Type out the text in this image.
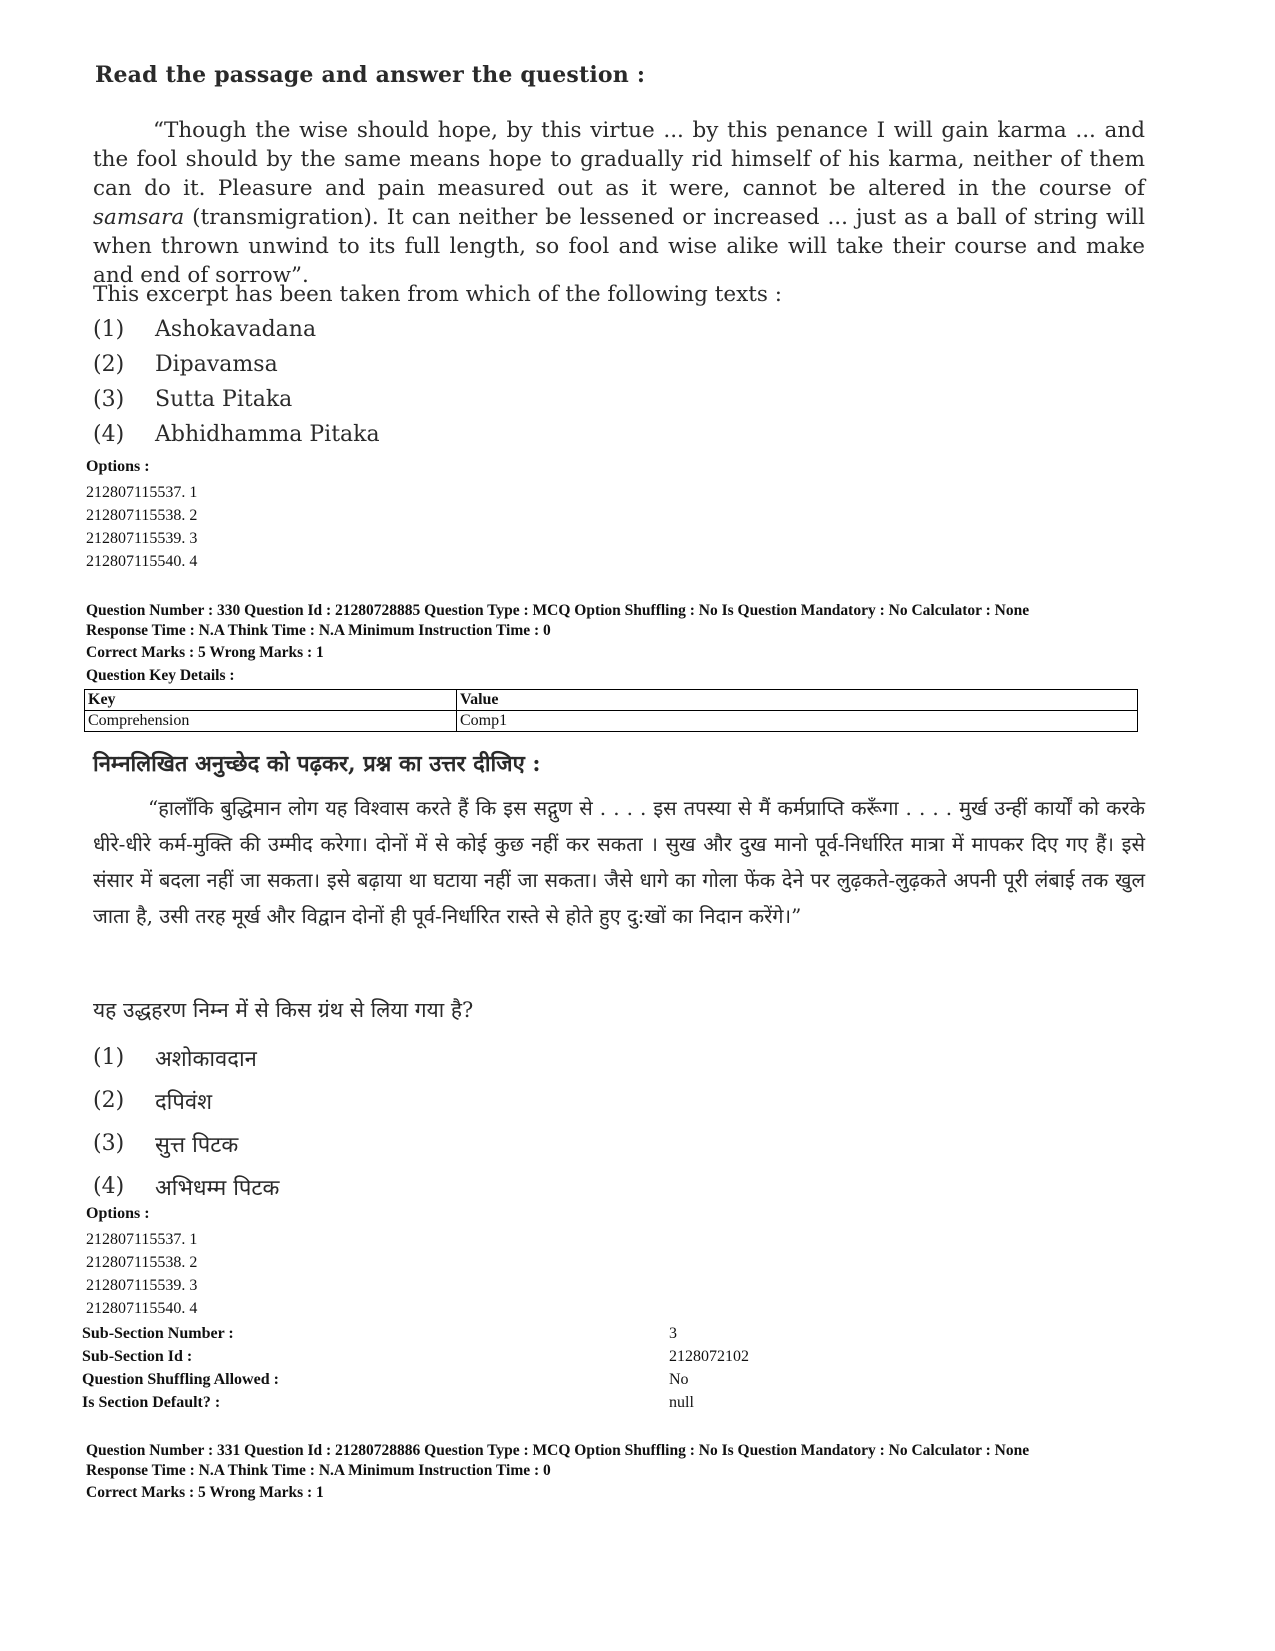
Read the passage and answer the question :
“Though the wise should hope, by this virtue ... by this penance I will gain karma ... and the fool should by the same means hope to gradually rid himself of his karma, neither of them can do it. Pleasure and pain measured out as it were, cannot be altered in the course of samsara (transmigration). It can neither be lessened or increased ... just as a ball of string will when thrown unwind to its full length, so fool and wise alike will take their course and make and end of sorrow”.
This excerpt has been taken from which of the following texts :
(1)	Ashokavadana
(2)	Dipavamsa
(3)	Sutta Pitaka
(4)	Abhidhamma Pitaka
Options :
212807115537. 1
212807115538. 2
212807115539. 3
212807115540. 4
Question Number : 330 Question Id : 21280728885 Question Type : MCQ Option Shuffling : No Is Question Mandatory : No Calculator : None
Response Time : N.A Think Time : N.A Minimum Instruction Time : 0
Correct Marks : 5 Wrong Marks : 1
Question Key Details :
Key	Value
Comprehension	Comp1
निम्नलिखित अनुच्छेद को पढ़कर, प्रश्न का उत्तर दीजिए :
“हालाँकि बुद्धिमान लोग यह विश्वास करते हैं कि इस सद्गुण से . . . . इस तपस्या से मैं कर्मप्राप्ति करूँगा . . . . मुर्ख उन्हीं कार्यों को करके धीरे-धीरे कर्म-मुक्ति की उम्मीद करेगा। दोनों में से कोई कुछ नहीं कर सकता । सुख और दुख मानो पूर्व-निर्धारित मात्रा में मापकर दिए गए हैं। इसे संसार में बदला नहीं जा सकता। इसे बढ़ाया था घटाया नहीं जा सकता। जैसे धागे का गोला फेंक देने पर लुढ़कते-लुढ़कते अपनी पूरी लंबाई तक खुल जाता है, उसी तरह मूर्ख और विद्वान दोनों ही पूर्व-निर्धारित रास्ते से होते हुए दु:खों का निदान करेंगे।”
यह उद्धहरण निम्न में से किस ग्रंथ से लिया गया है?
(1)	अशोकावदान
(2)	दपिवंश
(3)	सुत्त पिटक
(4)	अभिधम्म पिटक
Options :
212807115537. 1
212807115538. 2
212807115539. 3
212807115540. 4
Sub-Section Number :	3
Sub-Section Id :	2128072102
Question Shuffling Allowed :	No
Is Section Default? :	null
Question Number : 331 Question Id : 21280728886 Question Type : MCQ Option Shuffling : No Is Question Mandatory : No Calculator : None
Response Time : N.A Think Time : N.A Minimum Instruction Time : 0
Correct Marks : 5 Wrong Marks : 1
